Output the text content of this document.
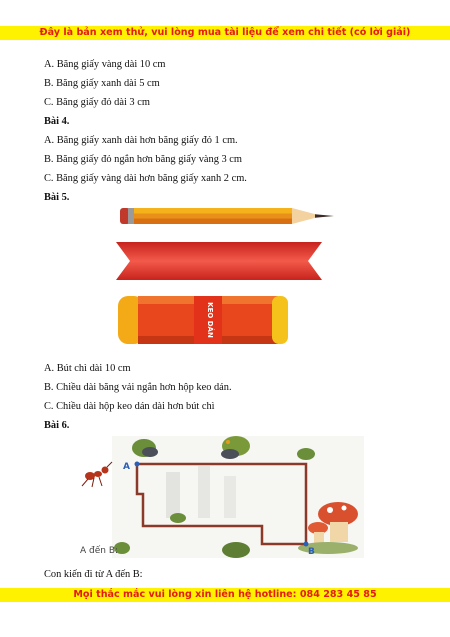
Đây là bản xem thử, vui lòng mua tài liệu để xem chi tiết (có lời giải)
A. Băng giấy vàng dài 10 cm
B. Băng giấy xanh dài 5 cm
C. Băng giấy đỏ dài 3 cm
Bài 4.
A. Băng giấy xanh dài hơn băng giấy đỏ 1 cm.
B. Băng giấy đỏ ngắn hơn băng giấy vàng 3 cm
C. Băng giấy vàng dài hơn băng giấy xanh 2 cm.
Bài 5.
KEO DÁN
A. Bút chì dài 10 cm
B. Chiều dài băng vải ngắn hơn hộp keo dán.
C. Chiều dài hộp keo dán dài hơn bút chì
Bài 6.
A
B
A đến B:
Con kiến đi từ A đến B:
Mọi thắc mắc vui lòng xin liên hệ hotline: 084 283 45 85
